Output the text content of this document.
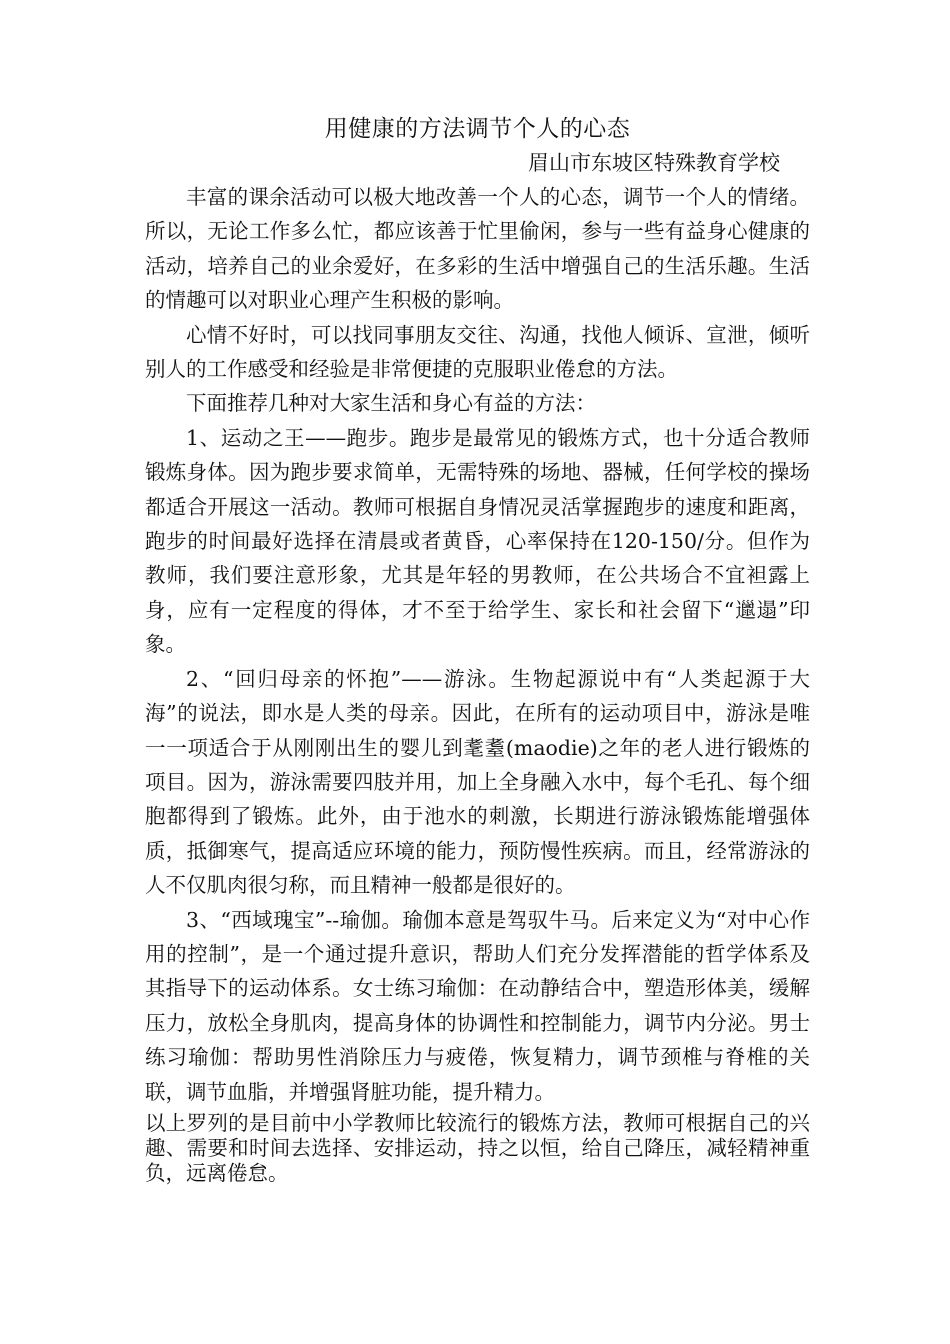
用健康的方法调节个人的心态
眉山市东坡区特殊教育学校

丰富的课余活动可以极大地改善一个人的心态，调节一个人的情绪。所以，无论工作多么忙，都应该善于忙里偷闲，参与一些有益身心健康的活动，培养自己的业余爱好，在多彩的生活中增强自己的生活乐趣。生活的情趣可以对职业心理产生积极的影响。

心情不好时，可以找同事朋友交往、沟通，找他人倾诉、宣泄，倾听别人的工作感受和经验是非常便捷的克服职业倦怠的方法。

下面推荐几种对大家生活和身心有益的方法：

1、运动之王——跑步。跑步是最常见的锻炼方式，也十分适合教师锻炼身体。因为跑步要求简单，无需特殊的场地、器械，任何学校的操场都适合开展这一活动。教师可根据自身情况灵活掌握跑步的速度和距离，跑步的时间最好选择在清晨或者黄昏，心率保持在120-150/分。但作为教师，我们要注意形象，尤其是年轻的男教师，在公共场合不宜袒露上身，应有一定程度的得体，才不至于给学生、家长和社会留下“邋遢”印象。

2、“回归母亲的怀抱”——游泳。生物起源说中有“人类起源于大海”的说法，即水是人类的母亲。因此，在所有的运动项目中，游泳是唯一一项适合于从刚刚出生的婴儿到耄耋(maodie)之年的老人进行锻炼的项目。因为，游泳需要四肢并用，加上全身融入水中，每个毛孔、每个细胞都得到了锻炼。此外，由于池水的刺激，长期进行游泳锻炼能增强体质，抵御寒气，提高适应环境的能力，预防慢性疾病。而且，经常游泳的人不仅肌肉很匀称，而且精神一般都是很好的。

3、“西域瑰宝”--瑜伽。瑜伽本意是驾驭牛马。后来定义为“对中心作用的控制”，是一个通过提升意识，帮助人们充分发挥潜能的哲学体系及其指导下的运动体系。女士练习瑜伽：在动静结合中，塑造形体美，缓解压力，放松全身肌肉，提高身体的协调性和控制能力，调节内分泌。男士练习瑜伽：帮助男性消除压力与疲倦，恢复精力，调节颈椎与脊椎的关联，调节血脂，并增强肾脏功能，提升精力。

以上罗列的是目前中小学教师比较流行的锻炼方法，教师可根据自己的兴趣、需要和时间去选择、安排运动，持之以恒，给自己降压，减轻精神重负，远离倦怠。
